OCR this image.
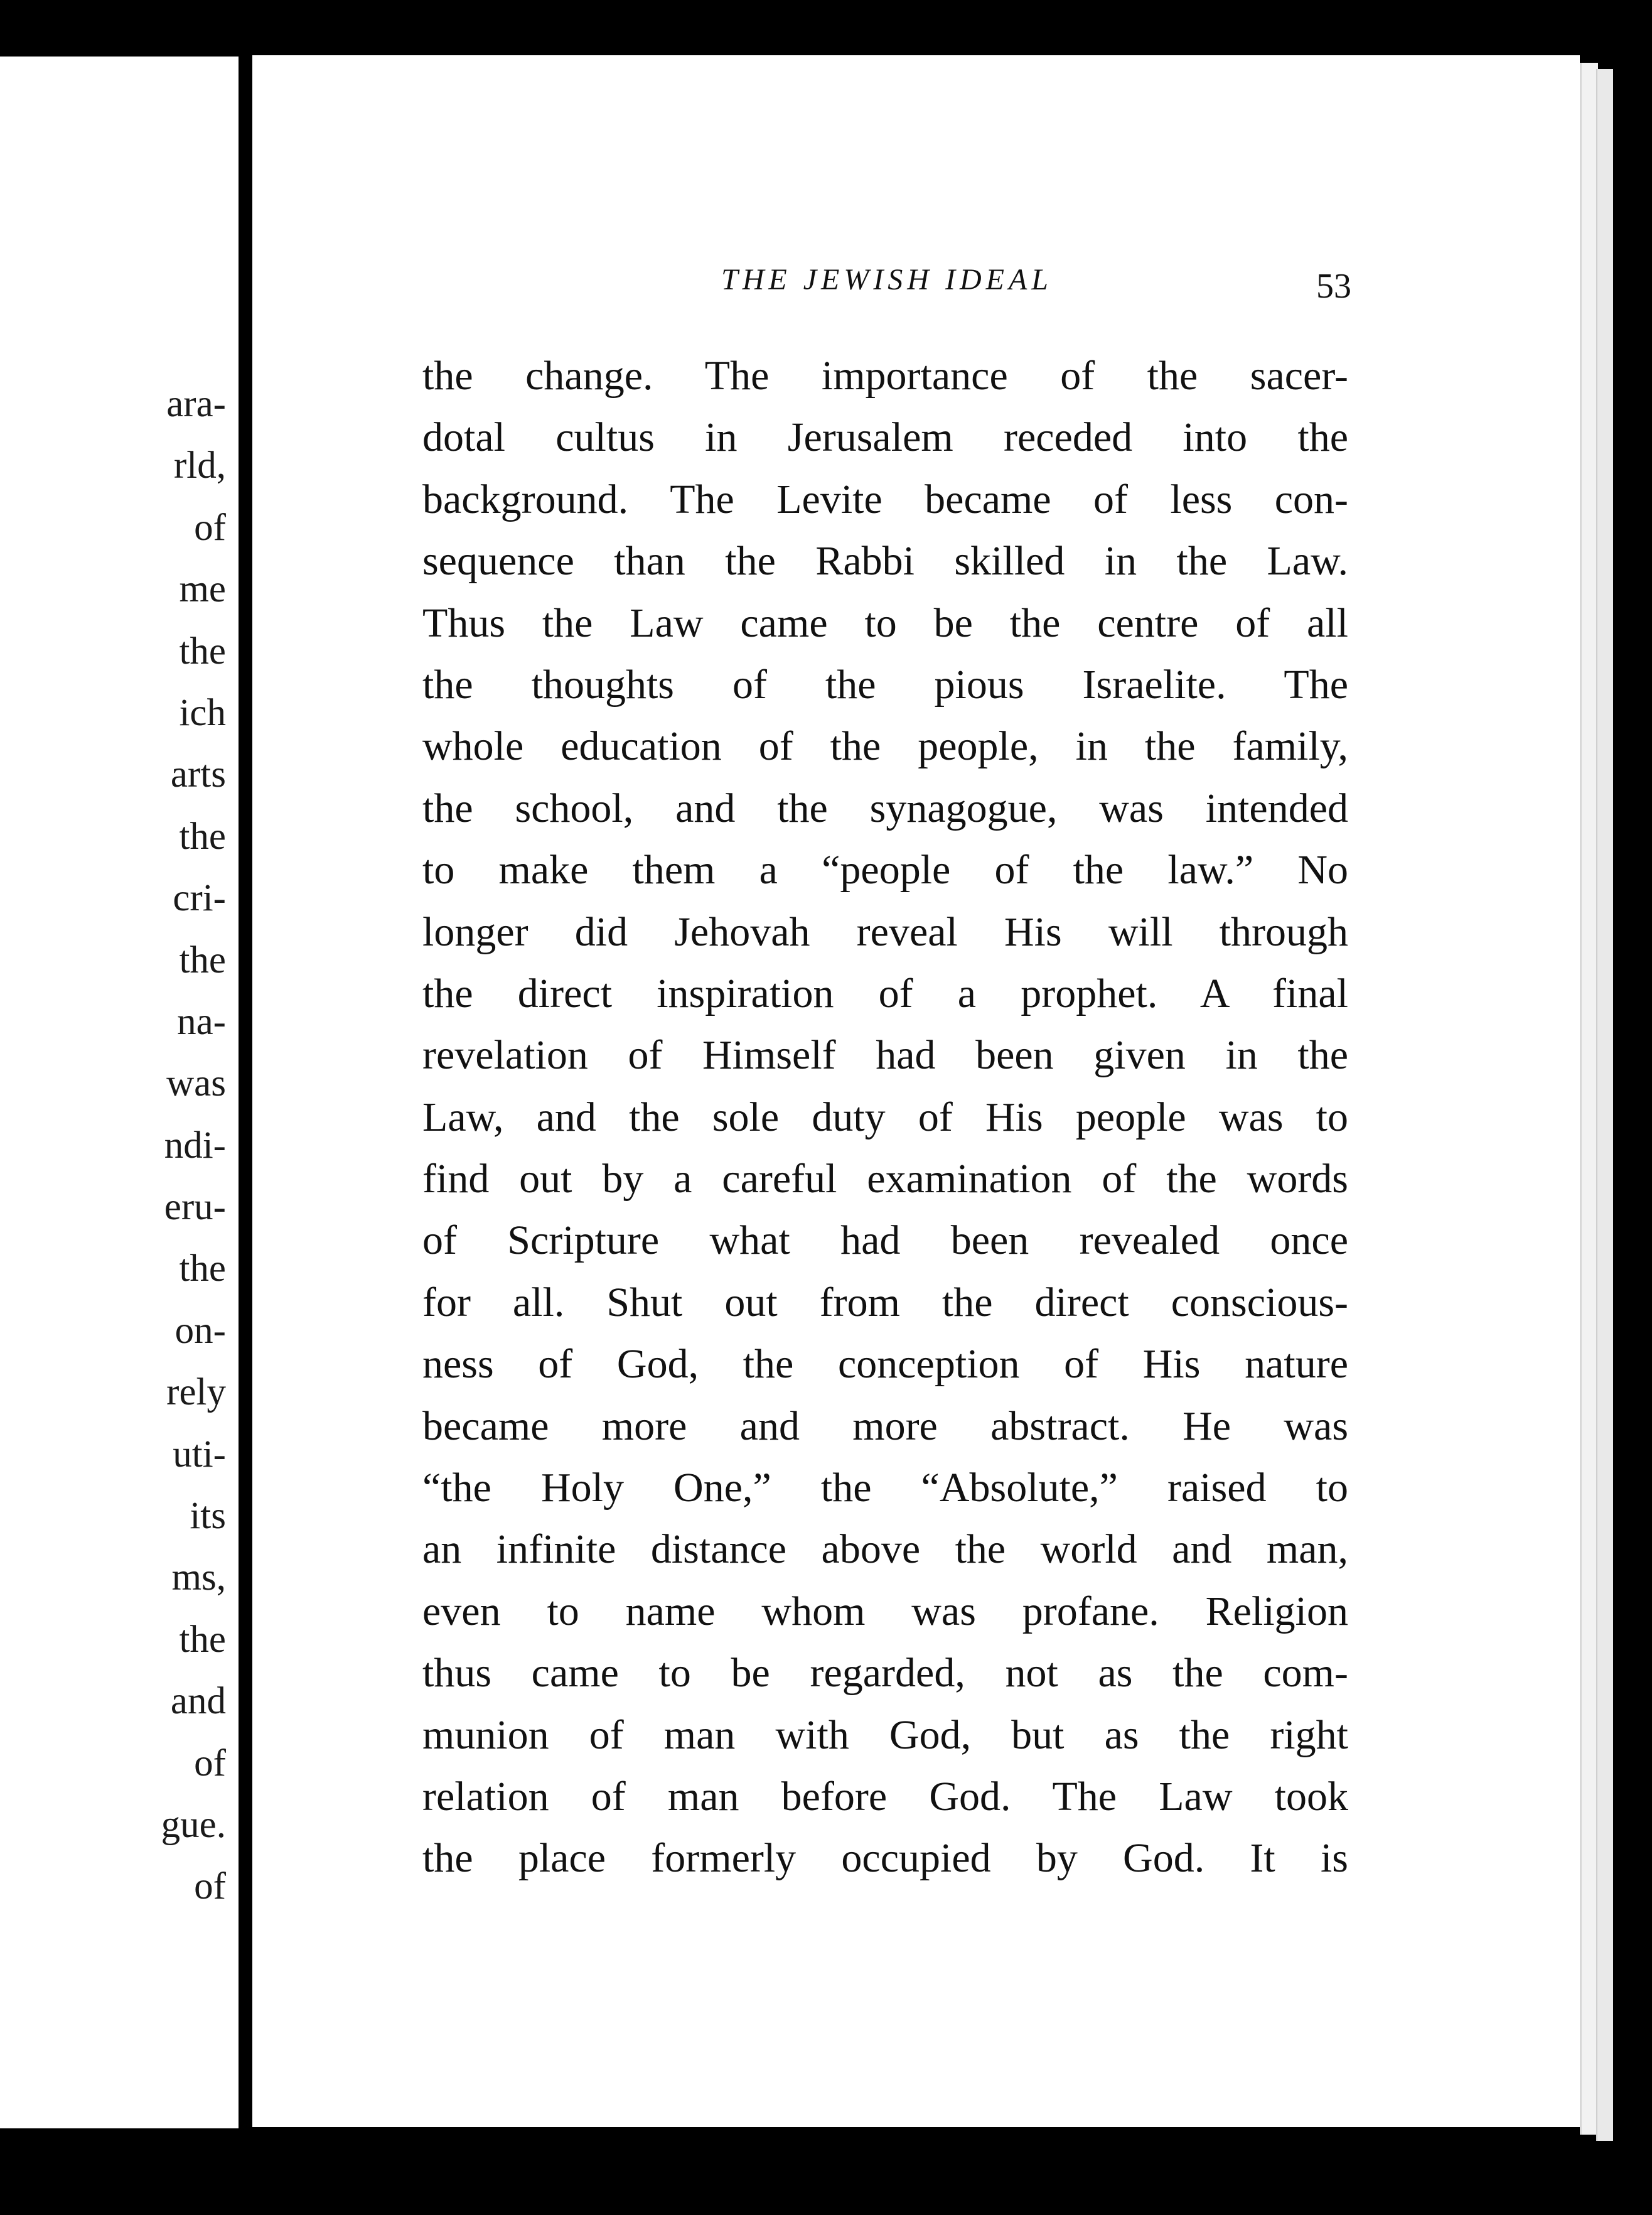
ara-
rld,
of
me
the
ich
arts
the
cri-
the
na-
was
ndi-
eru-
the
on-
rely
uti-
its
ms,
the
and
of
gue.
of
THE JEWISH IDEAL	53
the change. The importance of the sacer-
dotal cultus in Jerusalem receded into the
background. The Levite became of less con-
sequence than the Rabbi skilled in the Law.
Thus the Law came to be the centre of all
the thoughts of the pious Israelite. The
whole education of the people, in the family,
the school, and the synagogue, was intended
to make them a “people of the law.” No
longer did Jehovah reveal His will through
the direct inspiration of a prophet. A final
revelation of Himself had been given in the
Law, and the sole duty of His people was to
find out by a careful examination of the words
of Scripture what had been revealed once
for all. Shut out from the direct conscious-
ness of God, the conception of His nature
became more and more abstract. He was
“the Holy One,” the “Absolute,” raised to
an infinite distance above the world and man,
even to name whom was profane. Religion
thus came to be regarded, not as the com-
munion of man with God, but as the right
relation of man before God. The Law took
the place formerly occupied by God. It is
